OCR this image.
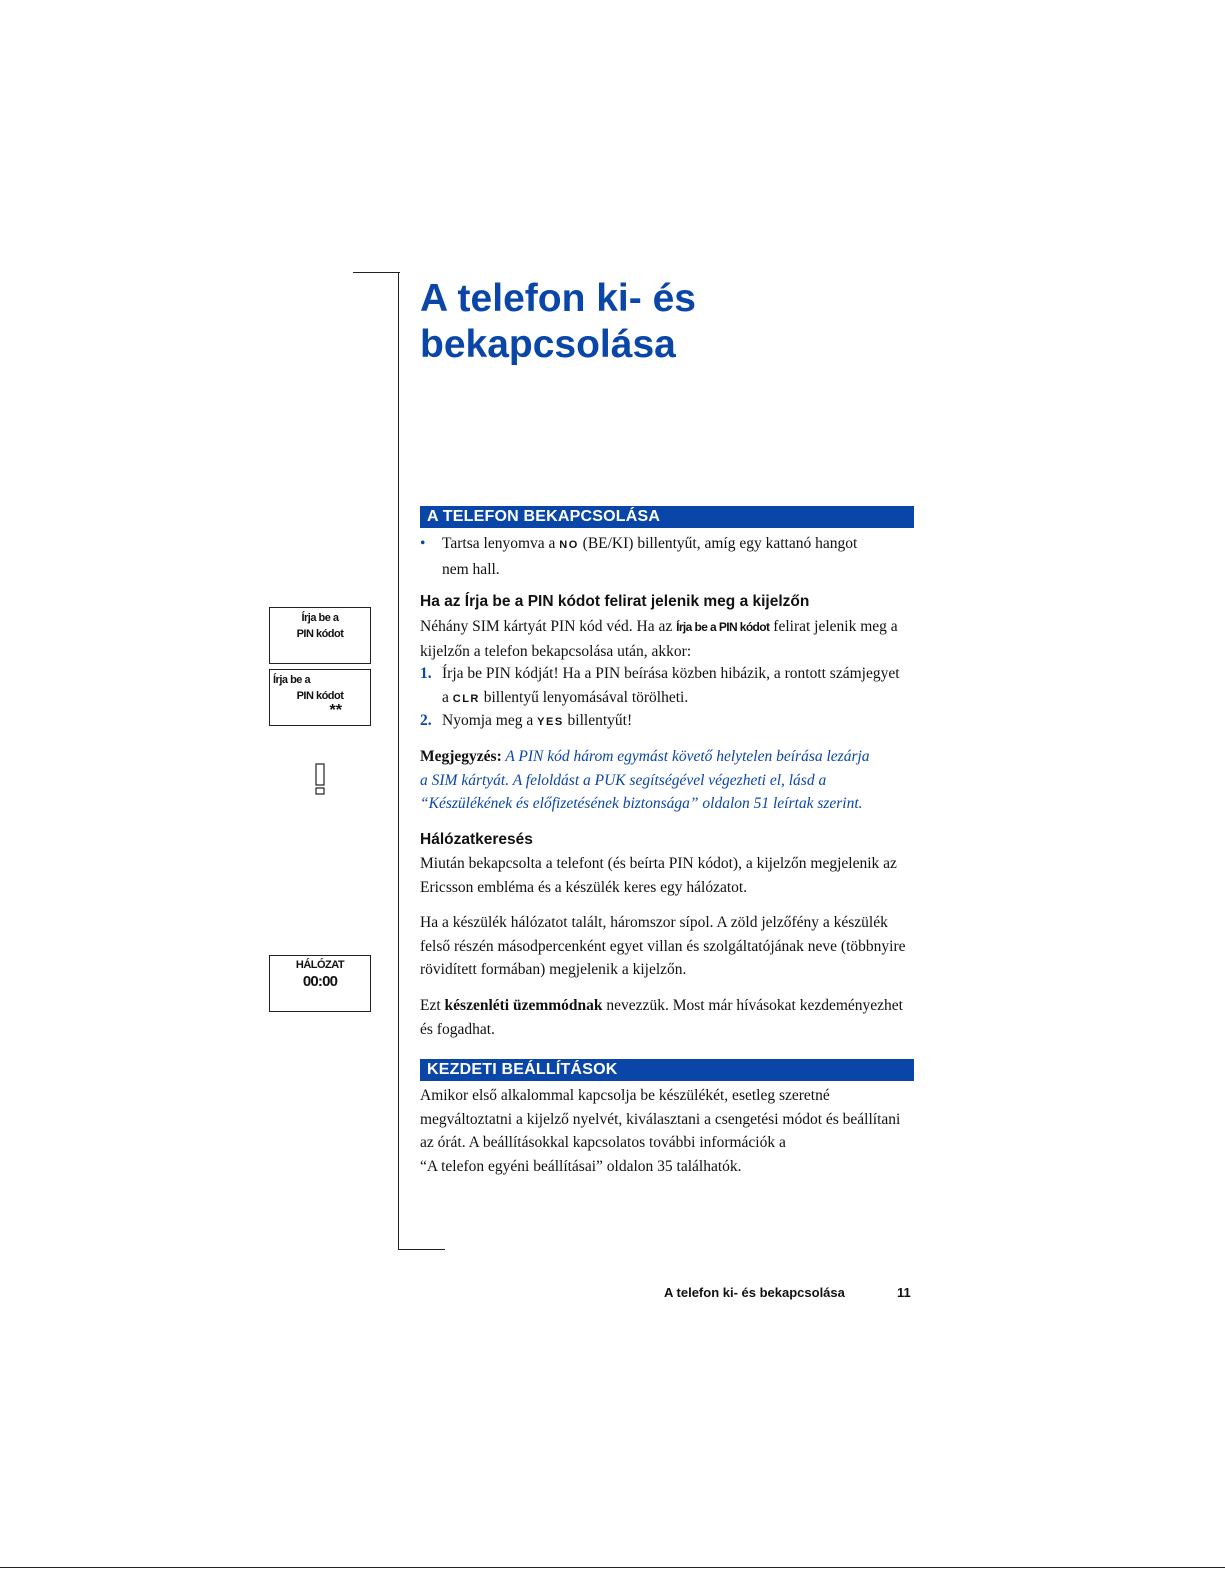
A telefon ki- és
bekapcsolása
A TELEFON BEKAPCSOLÁSA
• Tartsa lenyomva a NO (BE/KI) billentyűt, amíg egy kattanó hangot
nem hall.
Ha az Írja be a PIN kódot felirat jelenik meg a kijelzőn
Néhány SIM kártyát PIN kód véd. Ha az Írja be a PIN kódot felirat jelenik meg a
kijelzőn a telefon bekapcsolása után, akkor:
1. Írja be PIN kódját! Ha a PIN beírása közben hibázik, a rontott számjegyet
a CLR billentyű lenyomásával törölheti.
2. Nyomja meg a YES billentyűt!
Megjegyzés: A PIN kód három egymást követő helytelen beírása lezárja
a SIM kártyát. A feloldást a PUK segítségével végezheti el, lásd a
“Készülékének és előfizetésének biztonsága” oldalon 51 leírtak szerint.
Hálózatkeresés
Miután bekapcsolta a telefont (és beírta PIN kódot), a kijelzőn megjelenik az
Ericsson embléma és a készülék keres egy hálózatot.
Ha a készülék hálózatot talált, háromszor sípol. A zöld jelzőfény a készülék
felső részén másodpercenként egyet villan és szolgáltatójának neve (többnyire
rövidített formában) megjelenik a kijelzőn.
Ezt készenléti üzemmódnak nevezzük. Most már hívásokat kezdeményezhet
és fogadhat.
KEZDETI BEÁLLÍTÁSOK
Amikor első alkalommal kapcsolja be készülékét, esetleg szeretné
megváltoztatni a kijelző nyelvét, kiválasztani a csengetési módot és beállítani
az órát. A beállításokkal kapcsolatos további információk a
“A telefon egyéni beállításai” oldalon 35 találhatók.
Írja be a
PIN kódot
Írja be a
PIN kódot
**
HÁLÓZAT
00:00
A telefon ki- és bekapcsolása	11
